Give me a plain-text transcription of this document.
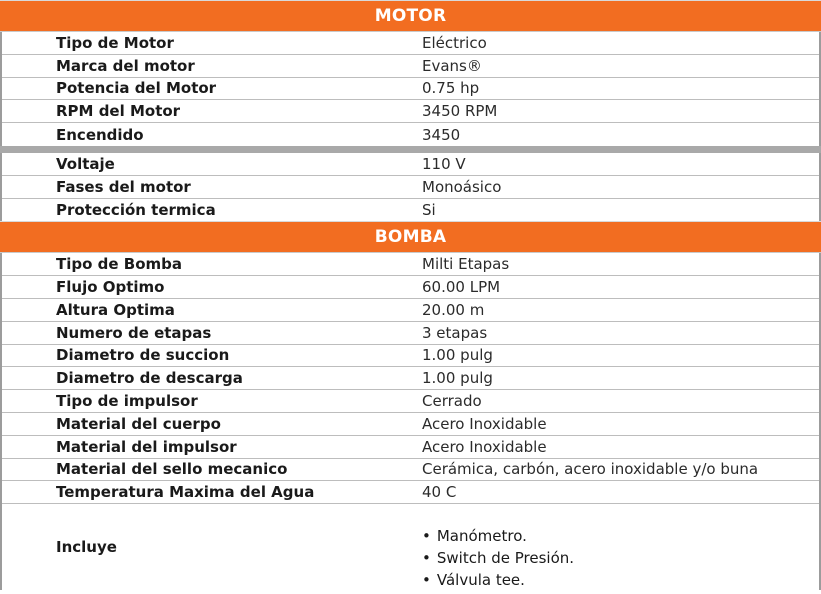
MOTOR
Tipo de Motor	Eléctrico
Marca del motor	Evans®
Potencia del Motor	0.75 hp
RPM del Motor	3450 RPM
Encendido	3450
Voltaje	110 V
Fases del motor	Monoásico
Protección termica	Si
BOMBA
Tipo de Bomba	Milti Etapas
Flujo Optimo	60.00 LPM
Altura Optima	20.00 m
Numero de etapas	3 etapas
Diametro de succion	1.00 pulg
Diametro de descarga	1.00 pulg
Tipo de impulsor	Cerrado
Material del cuerpo	Acero Inoxidable
Material del impulsor	Acero Inoxidable
Material del sello mecanico	Cerámica, carbón, acero inoxidable y/o buna
Temperatura Maxima del Agua	40 C
Incluye
• Manómetro.
• Switch de Presión.
• Válvula tee.
